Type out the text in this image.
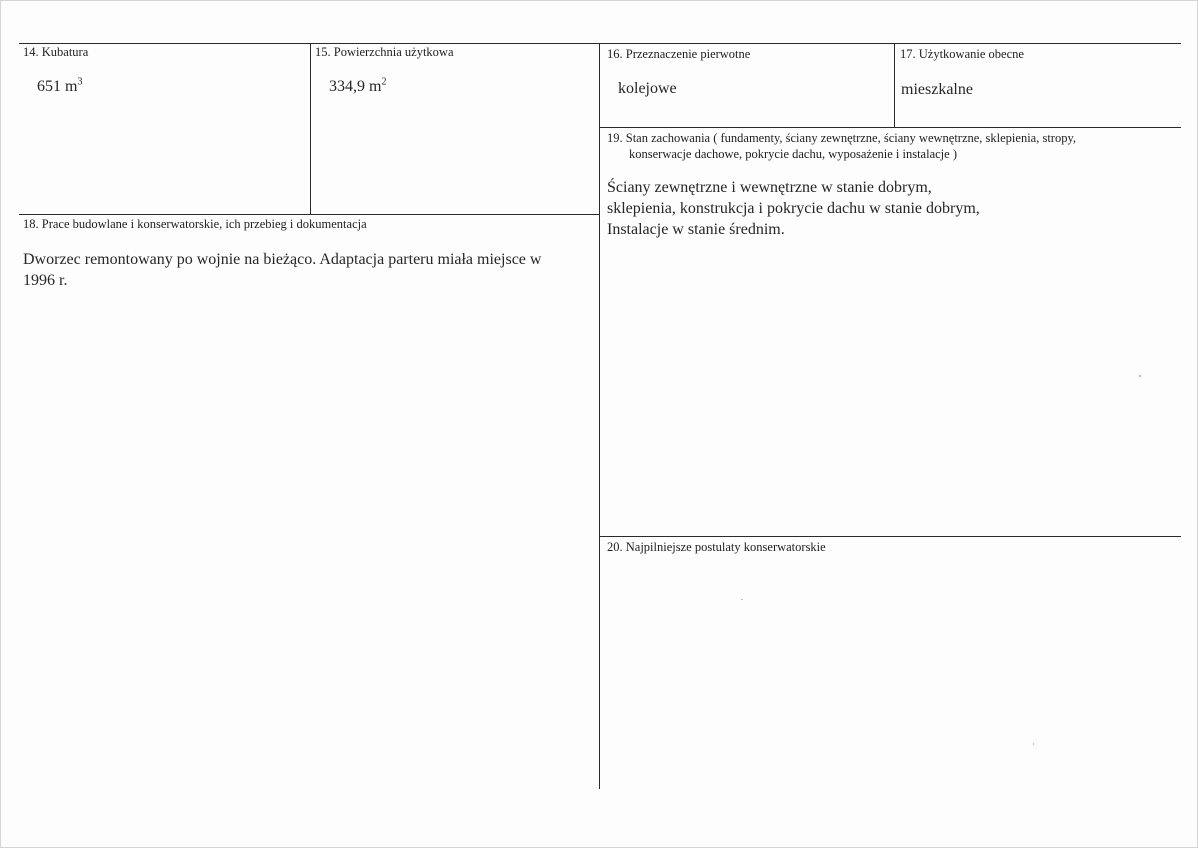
14. Kubatura
651 $m^3$
15. Powierzchnia użytkowa
334,9 $m^2$
16. Przeznaczenie pierwotne
kolejowe
17. Użytkowanie obecne
mieszkalne
18. Prace budowlane i konserwatorskie, ich przebieg i dokumentacja
Dworzec remontowany po wojnie na bieżąco. Adaptacja parteru miała miejsce w
1996 r.
19. Stan zachowania ( fundamenty, ściany zewnętrzne, ściany wewnętrzne, sklepienia, stropy,
konserwacje dachowe, pokrycie dachu, wyposażenie i instalacje )
Ściany zewnętrzne i wewnętrzne w stanie dobrym,
sklepienia, konstrukcja i pokrycie dachu w stanie dobrym,
Instalacje w stanie średnim.
20. Najpilniejsze postulaty konserwatorskie
